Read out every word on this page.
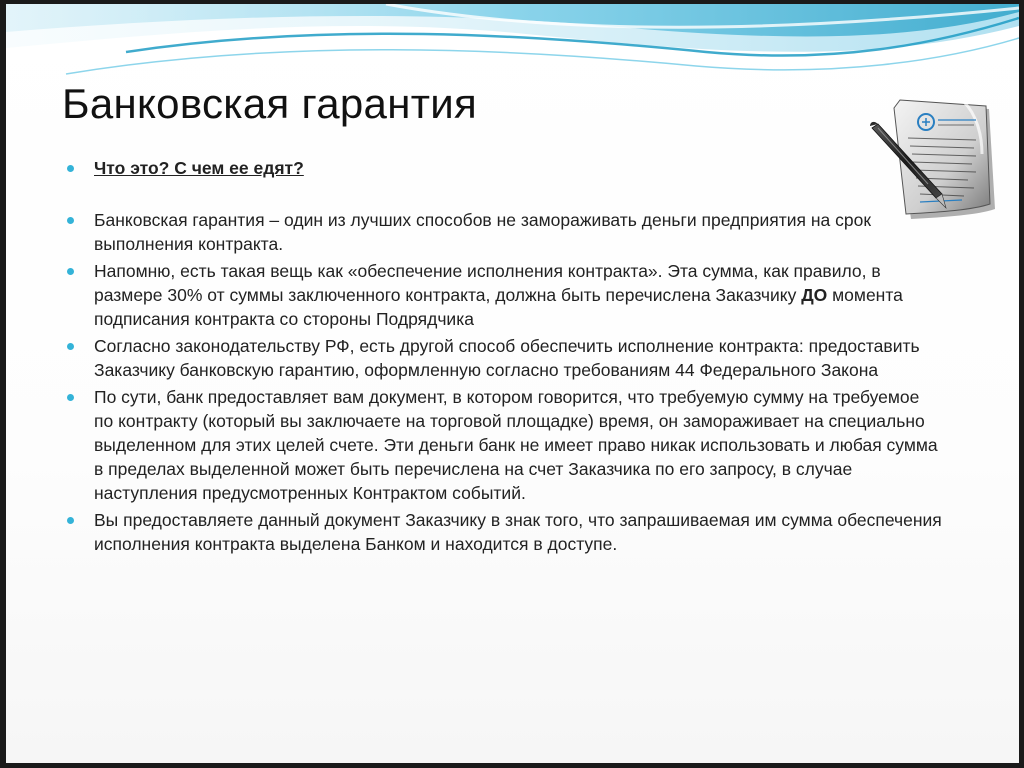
Банковская гарантия
Что это? С чем ее едят?
Банковская гарантия – один из лучших способов не замораживать деньги предприятия на срок выполнения контракта.
Напомню, есть такая вещь как «обеспечение исполнения контракта». Эта сумма, как правило, в размере 30% от суммы заключенного контракта, должна быть перечислена Заказчику ДО момента подписания контракта со стороны Подрядчика
Согласно законодательству РФ, есть другой способ обеспечить исполнение контракта: предоставить Заказчику банковскую гарантию, оформленную согласно требованиям 44 Федерального Закона
По сути, банк предоставляет вам документ, в котором говорится, что требуемую сумму на требуемое по контракту (который вы заключаете на торговой площадке) время, он замораживает на специально выделенном для этих целей счете. Эти деньги банк не имеет право никак использовать и любая сумма в пределах выделенной может быть перечислена на счет Заказчика по его запросу, в случае наступления предусмотренных Контрактом событий.
Вы предоставляете данный документ Заказчику в знак того, что запрашиваемая им сумма обеспечения исполнения контракта выделена Банком и находится в доступе.
